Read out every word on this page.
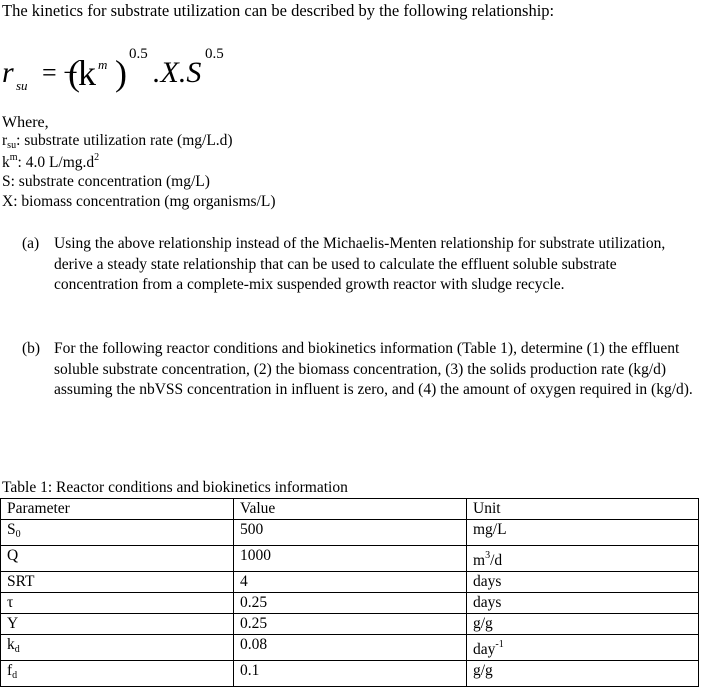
The kinetics for substrate utilization can be described by the following relationship:
r su = −
(k m ) 0.5
.X.S
0.5
Where,
$r_{su}$: substrate utilization rate (mg/L.d)
$k^m$: 4.0 $L/mg.d^2$
S: substrate concentration (mg/L)
X: biomass concentration (mg organisms/L)
(a) Using the above relationship instead of the Michaelis-Menten relationship for substrate utilization, derive a steady state relationship that can be used to calculate the effluent soluble substrate concentration from a complete-mix suspended growth reactor with sludge recycle.
(b) For the following reactor conditions and biokinetics information (Table 1), determine (1) the effluent soluble substrate concentration, (2) the biomass concentration, (3) the solids production rate (kg/d) assuming the nbVSS concentration in influent is zero, and (4) the amount of oxygen required in (kg/d).
Table 1: Reactor conditions and biokinetics information
Parameter	Value	Unit
$S_0$	500	mg/L
Q	1000	$m^3/d$
SRT	4	days
τ	0.25	days
Y	0.25	g/g
$k_d$	0.08	day$^{-1}$
$f_d$	0.1	g/g
